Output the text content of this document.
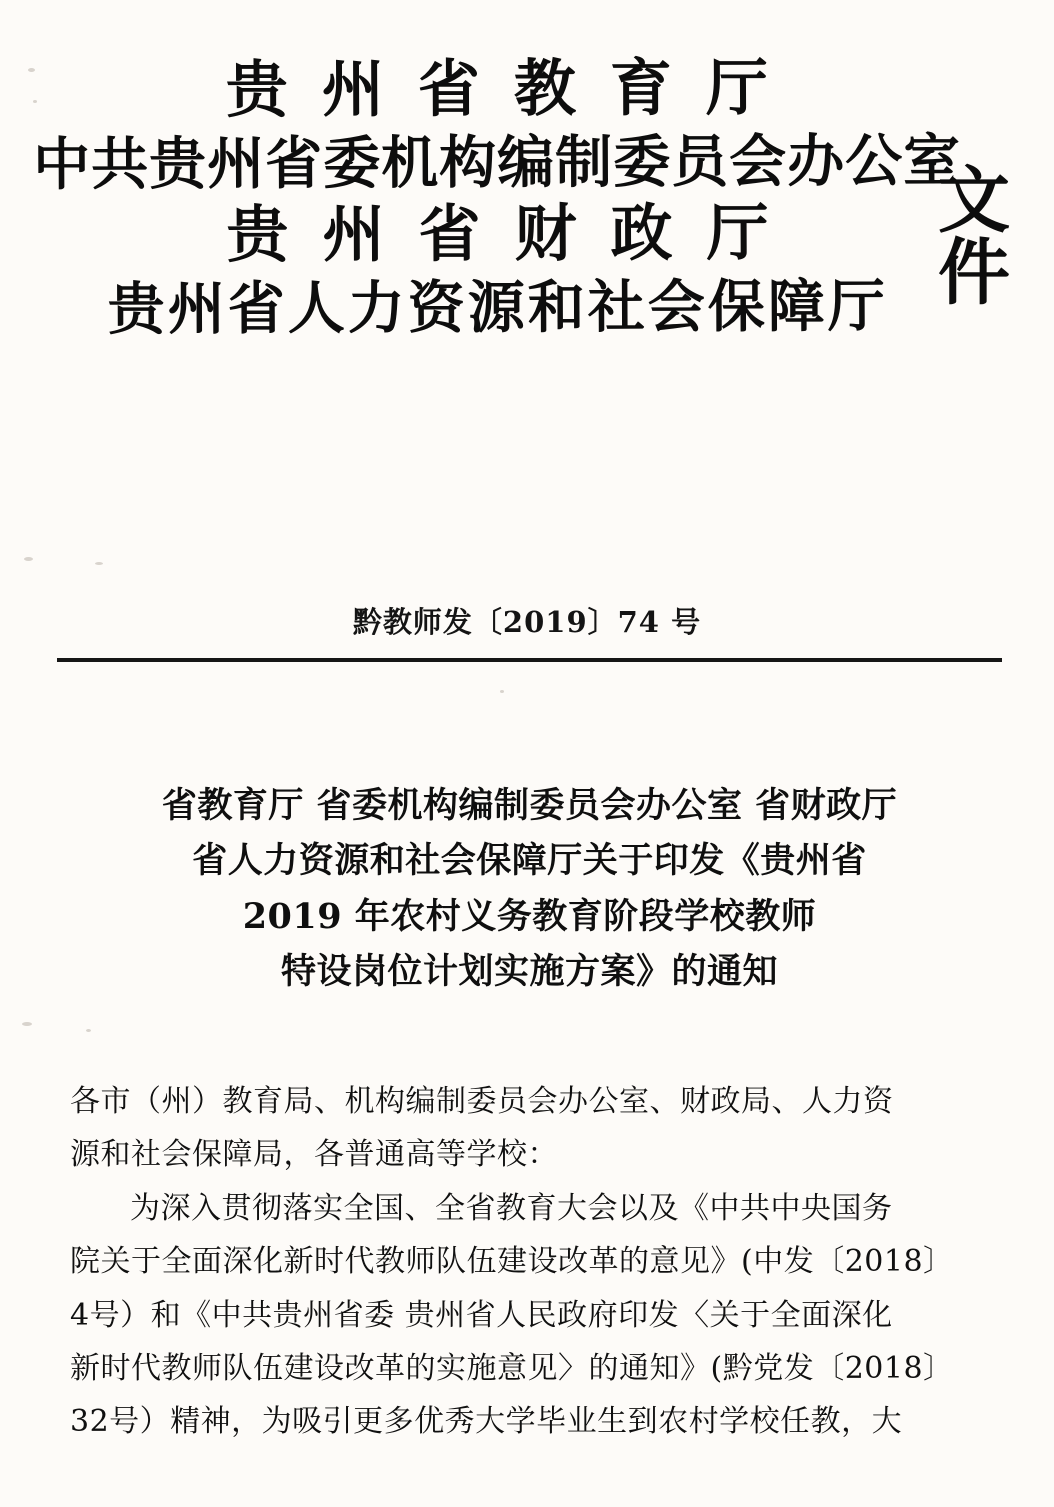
贵州省教育厅
中共贵州省委机构编制委员会办公室
贵州省财政厅
贵州省人力资源和社会保障厅
文件
黔教师发〔2019〕74 号
省教育厅 省委机构编制委员会办公室 省财政厅
省人力资源和社会保障厅关于印发《贵州省
2019 年农村义务教育阶段学校教师
特设岗位计划实施方案》的通知

各市（州）教育局、机构编制委员会办公室、财政局、人力资

源和社会保障局，各普通高等学校：

为深入贯彻落实全国、全省教育大会以及《中共中央国务

院关于全面深化新时代教师队伍建设改革的意见》(中发〔2018〕

4号）和《中共贵州省委 贵州省人民政府印发〈关于全面深化

新时代教师队伍建设改革的实施意见〉的通知》(黔党发〔2018〕

32号）精神，为吸引更多优秀大学毕业生到农村学校任教，大
